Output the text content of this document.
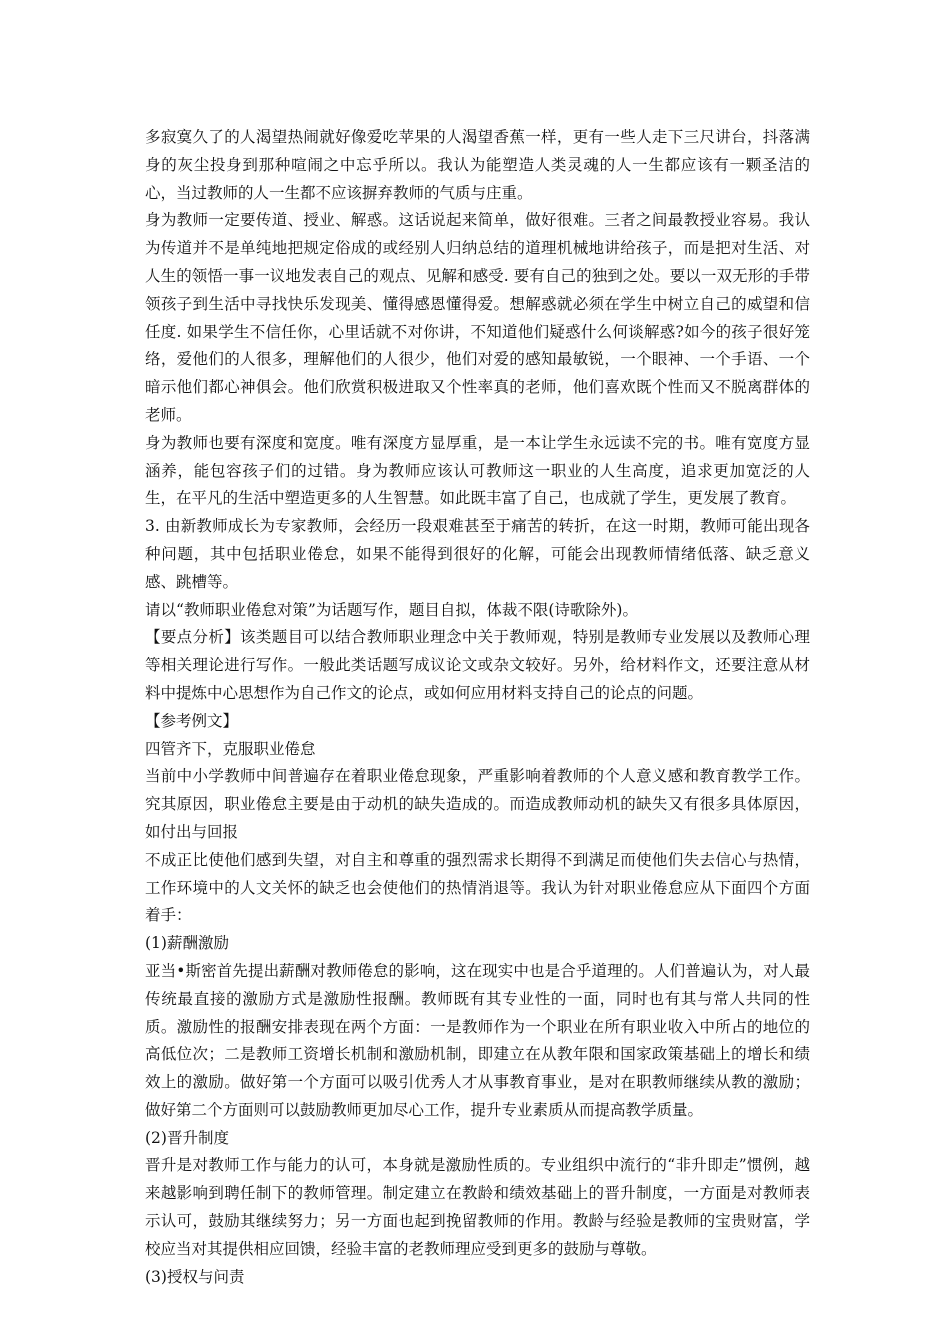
多寂寞久了的人渴望热闹就好像爱吃苹果的人渴望香蕉一样，更有一些人走下三尺讲台，抖落满身的灰尘投身到那种喧闹之中忘乎所以。我认为能塑造人类灵魂的人一生都应该有一颗圣洁的心，当过教师的人一生都不应该摒弃教师的气质与庄重。

身为教师一定要传道、授业、解惑。这话说起来简单，做好很难。三者之间最教授业容易。我认为传道并不是单纯地把规定俗成的或经别人归纳总结的道理机械地讲给孩子，而是把对生活、对人生的领悟一事一议地发表自己的观点、见解和感受. 要有自己的独到之处。要以一双无形的手带领孩子到生活中寻找快乐发现美、懂得感恩懂得爱。想解惑就必须在学生中树立自己的威望和信任度. 如果学生不信任你，心里话就不对你讲，不知道他们疑惑什么何谈解惑?如今的孩子很好笼络，爱他们的人很多，理解他们的人很少，他们对爱的感知最敏锐，一个眼神、一个手语、一个暗示他们都心神俱会。他们欣赏积极进取又个性率真的老师，他们喜欢既个性而又不脱离群体的老师。

身为教师也要有深度和宽度。唯有深度方显厚重，是一本让学生永远读不完的书。唯有宽度方显涵养，能包容孩子们的过错。身为教师应该认可教师这一职业的人生高度，追求更加宽泛的人生，在平凡的生活中塑造更多的人生智慧。如此既丰富了自己，也成就了学生，更发展了教育。

3. 由新教师成长为专家教师，会经历一段艰难甚至于痛苦的转折，在这一时期，教师可能出现各种问题，其中包括职业倦怠，如果不能得到很好的化解，可能会出现教师情绪低落、缺乏意义感、跳槽等。

请以“教师职业倦怠对策”为话题写作，题目自拟，体裁不限(诗歌除外)。

【要点分析】该类题目可以结合教师职业理念中关于教师观，特别是教师专业发展以及教师心理等相关理论进行写作。一般此类话题写成议论文或杂文较好。另外，给材料作文，还要注意从材料中提炼中心思想作为自己作文的论点，或如何应用材料支持自己的论点的问题。

【参考例文】

四管齐下，克服职业倦怠

当前中小学教师中间普遍存在着职业倦怠现象，严重影响着教师的个人意义感和教育教学工作。究其原因，职业倦怠主要是由于动机的缺失造成的。而造成教师动机的缺失又有很多具体原因，如付出与回报

不成正比使他们感到失望，对自主和尊重的强烈需求长期得不到满足而使他们失去信心与热情，工作环境中的人文关怀的缺乏也会使他们的热情消退等。我认为针对职业倦怠应从下面四个方面着手：

(1)薪酬激励

亚当•斯密首先提出薪酬对教师倦怠的影响，这在现实中也是合乎道理的。人们普遍认为，对人最传统最直接的激励方式是激励性报酬。教师既有其专业性的一面，同时也有其与常人共同的性质。激励性的报酬安排表现在两个方面：一是教师作为一个职业在所有职业收入中所占的地位的高低位次；二是教师工资增长机制和激励机制，即建立在从教年限和国家政策基础上的增长和绩效上的激励。做好第一个方面可以吸引优秀人才从事教育事业，是对在职教师继续从教的激励；做好第二个方面则可以鼓励教师更加尽心工作，提升专业素质从而提高教学质量。

(2)晋升制度

晋升是对教师工作与能力的认可，本身就是激励性质的。专业组织中流行的“非升即走”惯例，越来越影响到聘任制下的教师管理。制定建立在教龄和绩效基础上的晋升制度，一方面是对教师表示认可，鼓励其继续努力；另一方面也起到挽留教师的作用。教龄与经验是教师的宝贵财富，学校应当对其提供相应回馈，经验丰富的老教师理应受到更多的鼓励与尊敬。

(3)授权与问责
